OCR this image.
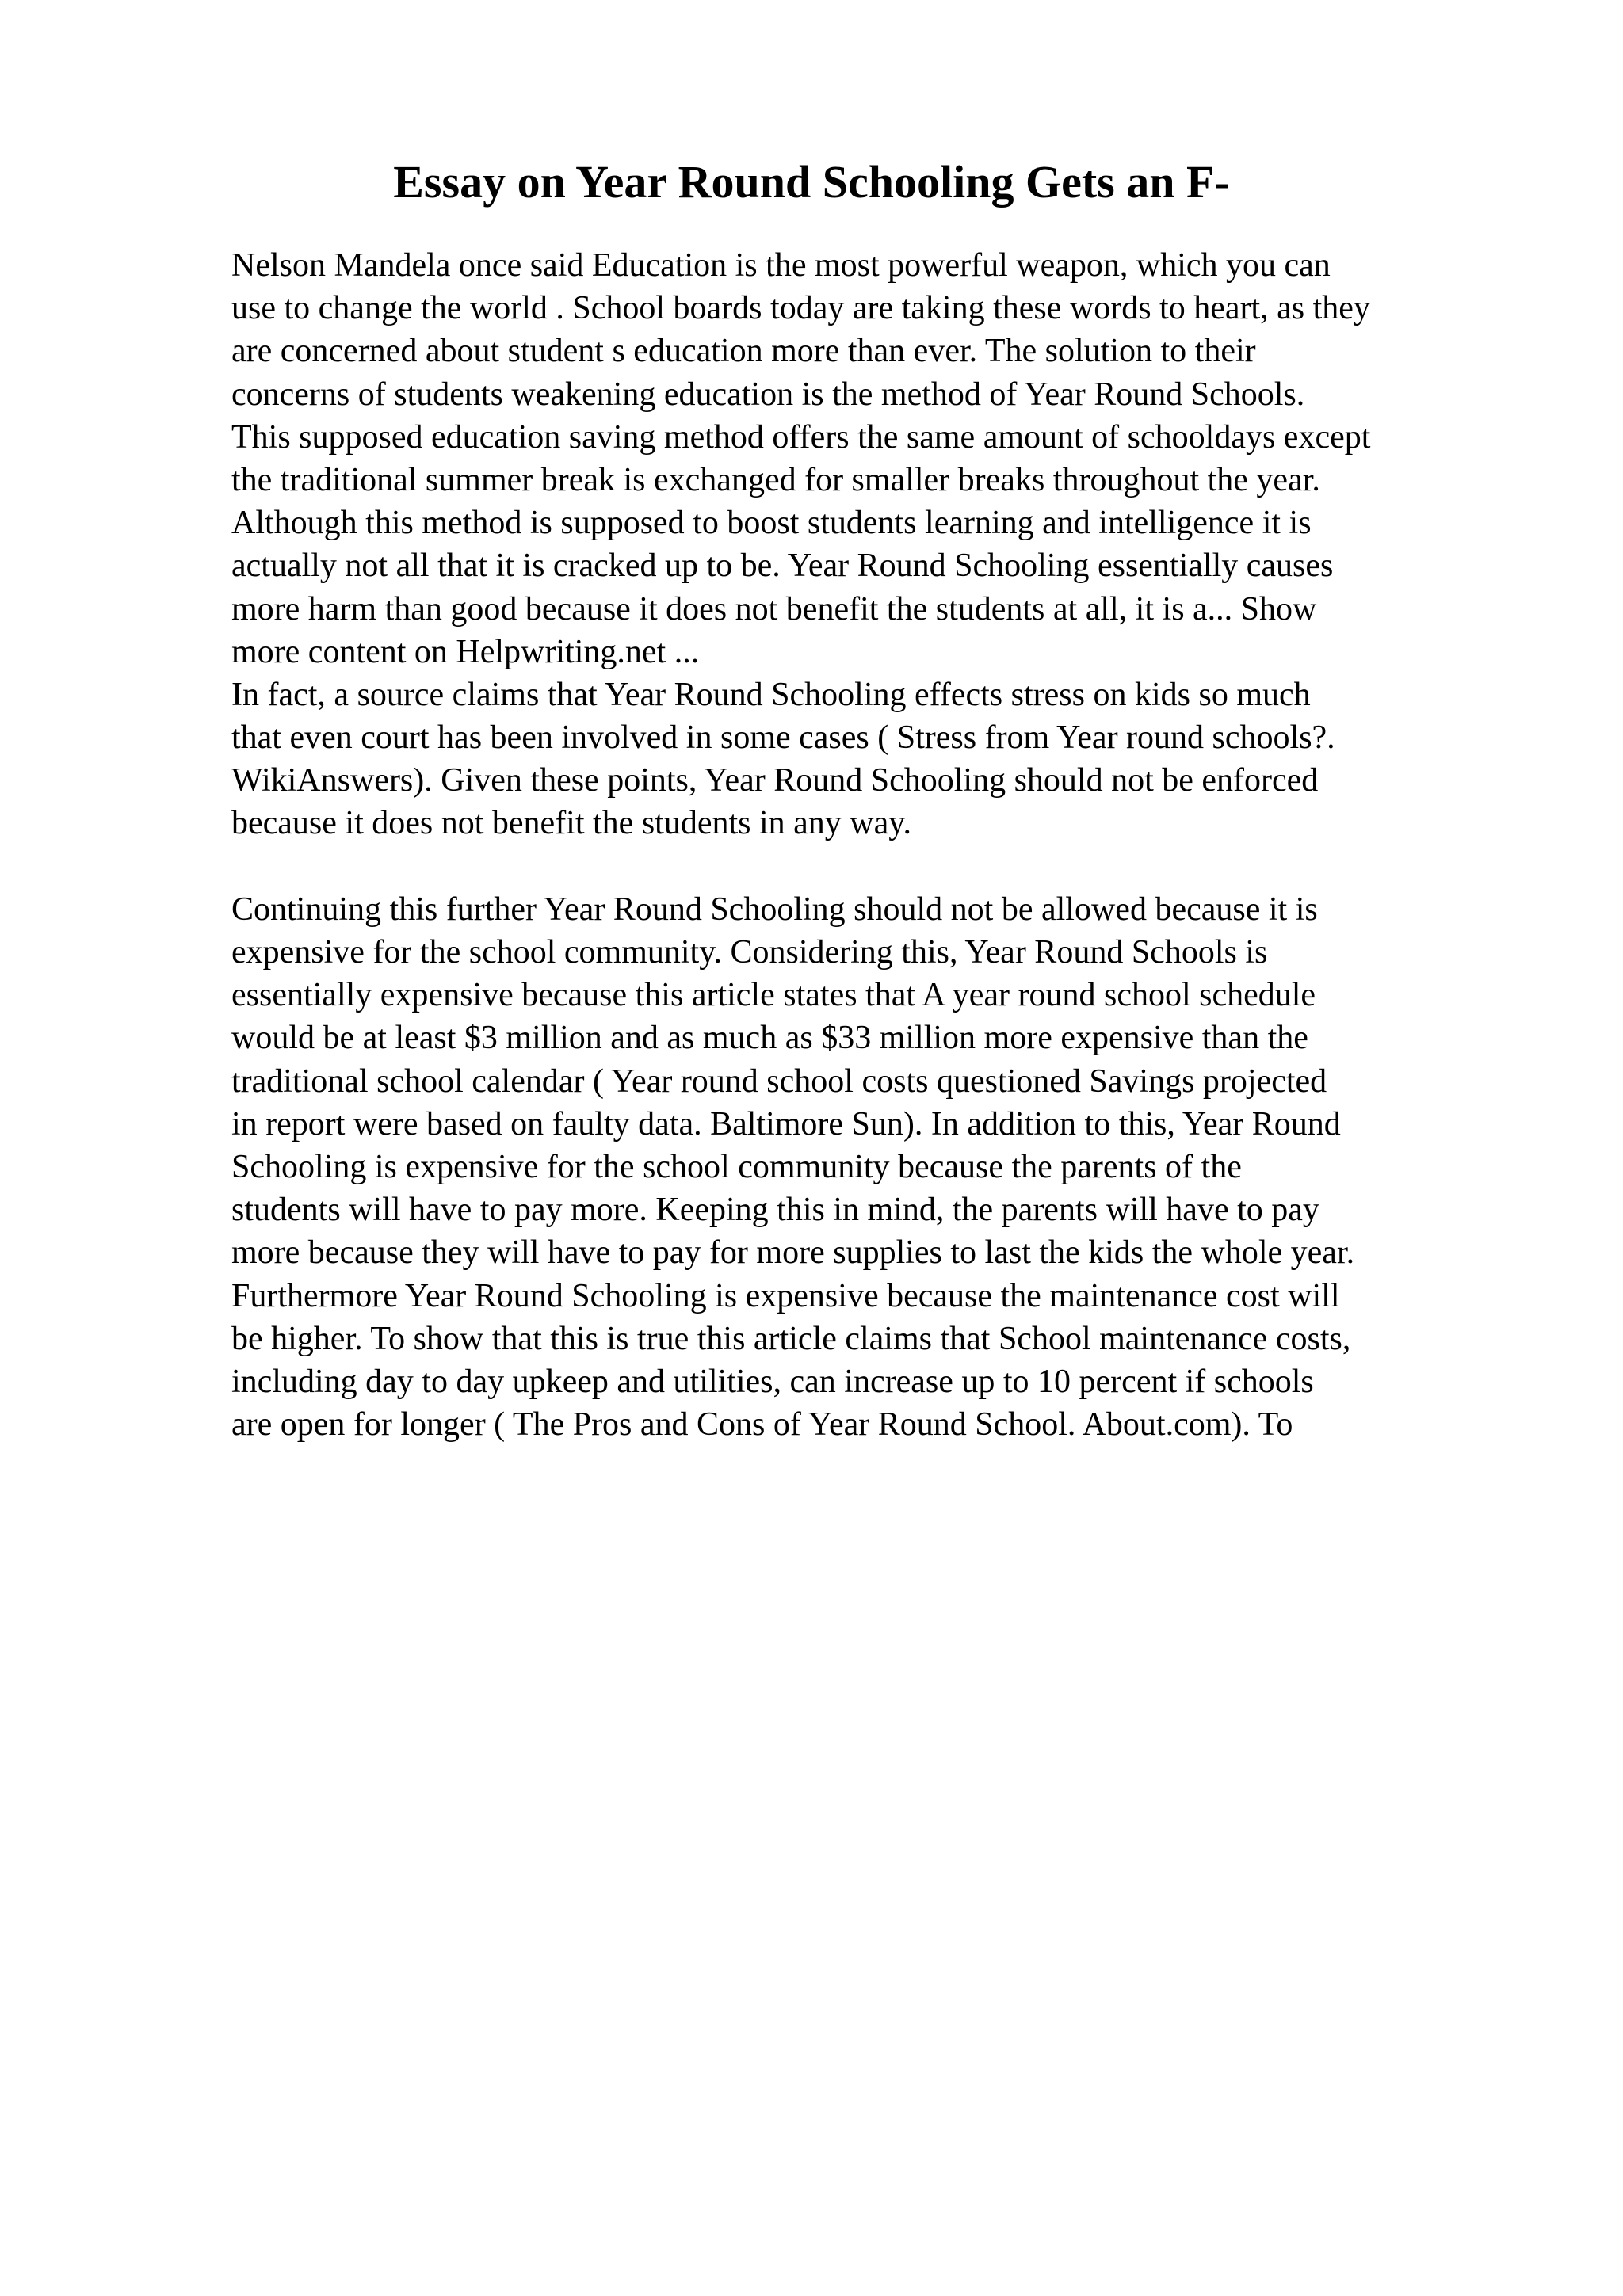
Essay on Year Round Schooling Gets an F-
Nelson Mandela once said Education is the most powerful weapon, which you can
use to change the world . School boards today are taking these words to heart, as they
are concerned about student s education more than ever. The solution to their
concerns of students weakening education is the method of Year Round Schools.
This supposed education saving method offers the same amount of schooldays except
the traditional summer break is exchanged for smaller breaks throughout the year.
Although this method is supposed to boost students learning and intelligence it is
actually not all that it is cracked up to be. Year Round Schooling essentially causes
more harm than good because it does not benefit the students at all, it is a... Show
more content on Helpwriting.net ...
In fact, a source claims that Year Round Schooling effects stress on kids so much
that even court has been involved in some cases ( Stress from Year round schools?.
WikiAnswers). Given these points, Year Round Schooling should not be enforced
because it does not benefit the students in any way.
Continuing this further Year Round Schooling should not be allowed because it is
expensive for the school community. Considering this, Year Round Schools is
essentially expensive because this article states that A year round school schedule
would be at least $3 million and as much as $33 million more expensive than the
traditional school calendar ( Year round school costs questioned Savings projected
in report were based on faulty data. Baltimore Sun). In addition to this, Year Round
Schooling is expensive for the school community because the parents of the
students will have to pay more. Keeping this in mind, the parents will have to pay
more because they will have to pay for more supplies to last the kids the whole year.
Furthermore Year Round Schooling is expensive because the maintenance cost will
be higher. To show that this is true this article claims that School maintenance costs,
including day to day upkeep and utilities, can increase up to 10 percent if schools
are open for longer ( The Pros and Cons of Year Round School. About.com). To
